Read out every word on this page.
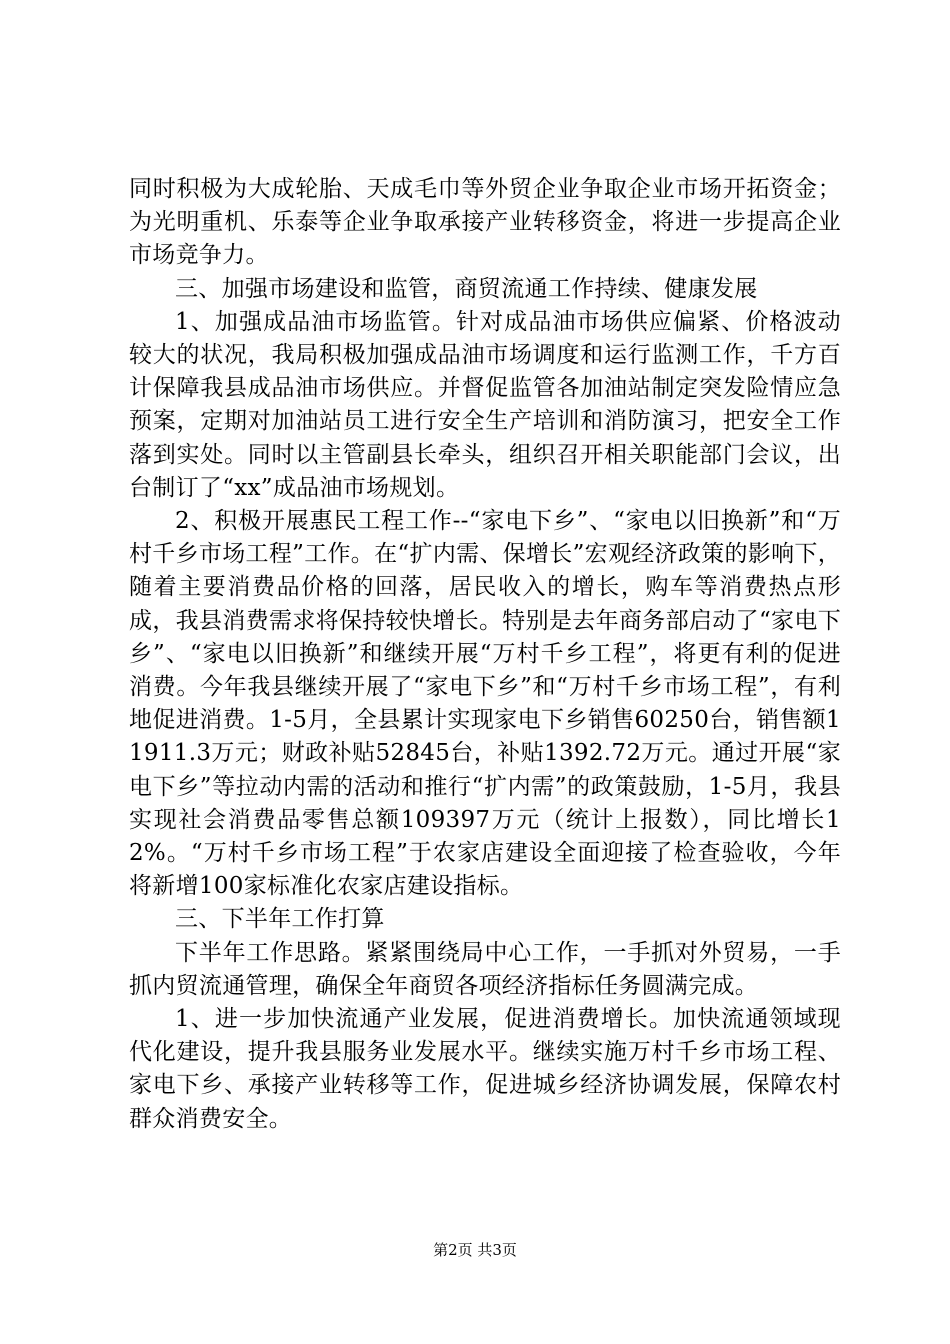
同时积极为大成轮胎、天成毛巾等外贸企业争取企业市场开拓资金；为光明重机、乐泰等企业争取承接产业转移资金，将进一步提高企业市场竞争力。

三、加强市场建设和监管，商贸流通工作持续、健康发展

1、加强成品油市场监管。针对成品油市场供应偏紧、价格波动较大的状况，我局积极加强成品油市场调度和运行监测工作，千方百计保障我县成品油市场供应。并督促监管各加油站制定突发险情应急预案，定期对加油站员工进行安全生产培训和消防演习，把安全工作落到实处。同时以主管副县长牵头，组织召开相关职能部门会议，出台制订了“xx”成品油市场规划。

2、积极开展惠民工程工作--“家电下乡”、“家电以旧换新”和“万村千乡市场工程”工作。在“扩内需、保增长”宏观经济政策的影响下，随着主要消费品价格的回落，居民收入的增长，购车等消费热点形成，我县消费需求将保持较快增长。特别是去年商务部启动了“家电下乡”、“家电以旧换新”和继续开展“万村千乡工程”，将更有利的促进消费。今年我县继续开展了“家电下乡”和“万村千乡市场工程”，有利地促进消费。1-5月，全县累计实现家电下乡销售60250台，销售额11911.3万元；财政补贴52845台，补贴1392.72万元。通过开展“家电下乡”等拉动内需的活动和推行“扩内需”的政策鼓励，1-5月，我县实现社会消费品零售总额109397万元（统计上报数），同比增长12%。“万村千乡市场工程”于农家店建设全面迎接了检查验收，今年将新增100家标准化农家店建设指标。

三、下半年工作打算

下半年工作思路。紧紧围绕局中心工作，一手抓对外贸易，一手抓内贸流通管理，确保全年商贸各项经济指标任务圆满完成。

1、进一步加快流通产业发展，促进消费增长。加快流通领域现代化建设，提升我县服务业发展水平。继续实施万村千乡市场工程、家电下乡、承接产业转移等工作，促进城乡经济协调发展，保障农村群众消费安全。

第2页 共3页
